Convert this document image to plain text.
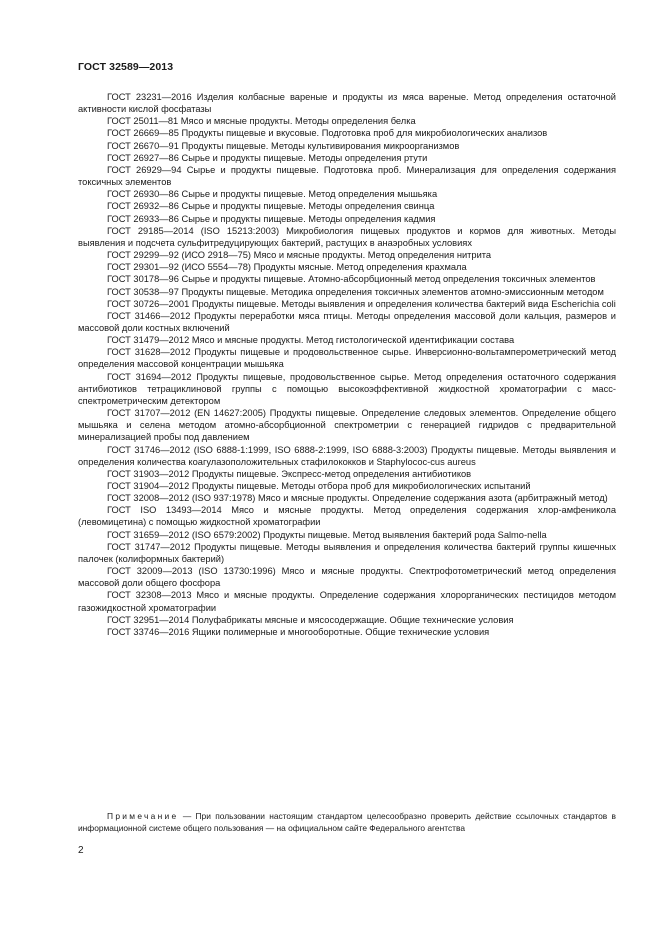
ГОСТ 32589—2013

ГОСТ 23231—2016 Изделия колбасные вареные и продукты из мяса вареные. Метод определения остаточной активности кислой фосфатазы

ГОСТ 25011—81 Мясо и мясные продукты. Методы определения белка

ГОСТ 26669—85 Продукты пищевые и вкусовые. Подготовка проб для микробиологических анализов

ГОСТ 26670—91 Продукты пищевые. Методы культивирования микроорганизмов

ГОСТ 26927—86 Сырье и продукты пищевые. Методы определения ртути

ГОСТ 26929—94 Сырье и продукты пищевые. Подготовка проб. Минерализация для определения содержания токсичных элементов

ГОСТ 26930—86 Сырье и продукты пищевые. Метод определения мышьяка

ГОСТ 26932—86 Сырье и продукты пищевые. Методы определения свинца

ГОСТ 26933—86 Сырье и продукты пищевые. Методы определения кадмия

ГОСТ 29185—2014 (ISO 15213:2003) Микробиология пищевых продуктов и кормов для животных. Методы выявления и подсчета сульфитредуцирующих бактерий, растущих в анаэробных условиях

ГОСТ 29299—92 (ИСО 2918—75) Мясо и мясные продукты. Метод определения нитрита

ГОСТ 29301—92 (ИСО 5554—78) Продукты мясные. Метод определения крахмала

ГОСТ 30178—96 Сырье и продукты пищевые. Атомно-абсорбционный метод определения токсичных элементов

ГОСТ 30538—97 Продукты пищевые. Методика определения токсичных элементов атомно-эмиссионным методом

ГОСТ 30726—2001 Продукты пищевые. Методы выявления и определения количества бактерий вида Escherichia coli

ГОСТ 31466—2012 Продукты переработки мяса птицы. Методы определения массовой доли кальция, размеров и массовой доли костных включений

ГОСТ 31479—2012 Мясо и мясные продукты. Метод гистологической идентификации состава

ГОСТ 31628—2012 Продукты пищевые и продовольственное сырье. Инверсионно-вольтамперометрический метод определения массовой концентрации мышьяка

ГОСТ 31694—2012 Продукты пищевые, продовольственное сырье. Метод определения остаточного содержания антибиотиков тетрациклиновой группы с помощью высокоэффективной жидкостной хроматографии с масс-спектрометрическим детектором

ГОСТ 31707—2012 (EN 14627:2005) Продукты пищевые. Определение следовых элементов. Определение общего мышьяка и селена методом атомно-абсорбционной спектрометрии с генерацией гидридов с предварительной минерализацией пробы под давлением

ГОСТ 31746—2012 (ISO 6888-1:1999, ISO 6888-2:1999, ISO 6888-3:2003) Продукты пищевые. Методы выявления и определения количества коагулазоположительных стафилококков и Staphylococ-cus aureus

ГОСТ 31903—2012 Продукты пищевые. Экспресс-метод определения антибиотиков

ГОСТ 31904—2012 Продукты пищевые. Методы отбора проб для микробиологических испытаний

ГОСТ 32008—2012 (ISO 937:1978) Мясо и мясные продукты. Определение содержания азота (арбитражный метод)

ГОСТ ISO 13493—2014 Мясо и мясные продукты. Метод определения содержания хлор-амфеникола (левомицетина) с помощью жидкостной хроматографии

ГОСТ 31659—2012 (ISO 6579:2002) Продукты пищевые. Метод выявления бактерий рода Salmo-nella

ГОСТ 31747—2012 Продукты пищевые. Методы выявления и определения количества бактерий группы кишечных палочек (колиформных бактерий)

ГОСТ 32009—2013 (ISO 13730:1996) Мясо и мясные продукты. Спектрофотометрический метод определения массовой доли общего фосфора

ГОСТ 32308—2013 Мясо и мясные продукты. Определение содержания хлорорганических пестицидов методом газожидкостной хроматографии

ГОСТ 32951—2014 Полуфабрикаты мясные и мясосодержащие. Общие технические условия

ГОСТ 33746—2016 Ящики полимерные и многооборотные. Общие технические условия

Примечание — При пользовании настоящим стандартом целесообразно проверить действие ссылочных стандартов в информационной системе общего пользования — на официальном сайте Федерального агентства

2
